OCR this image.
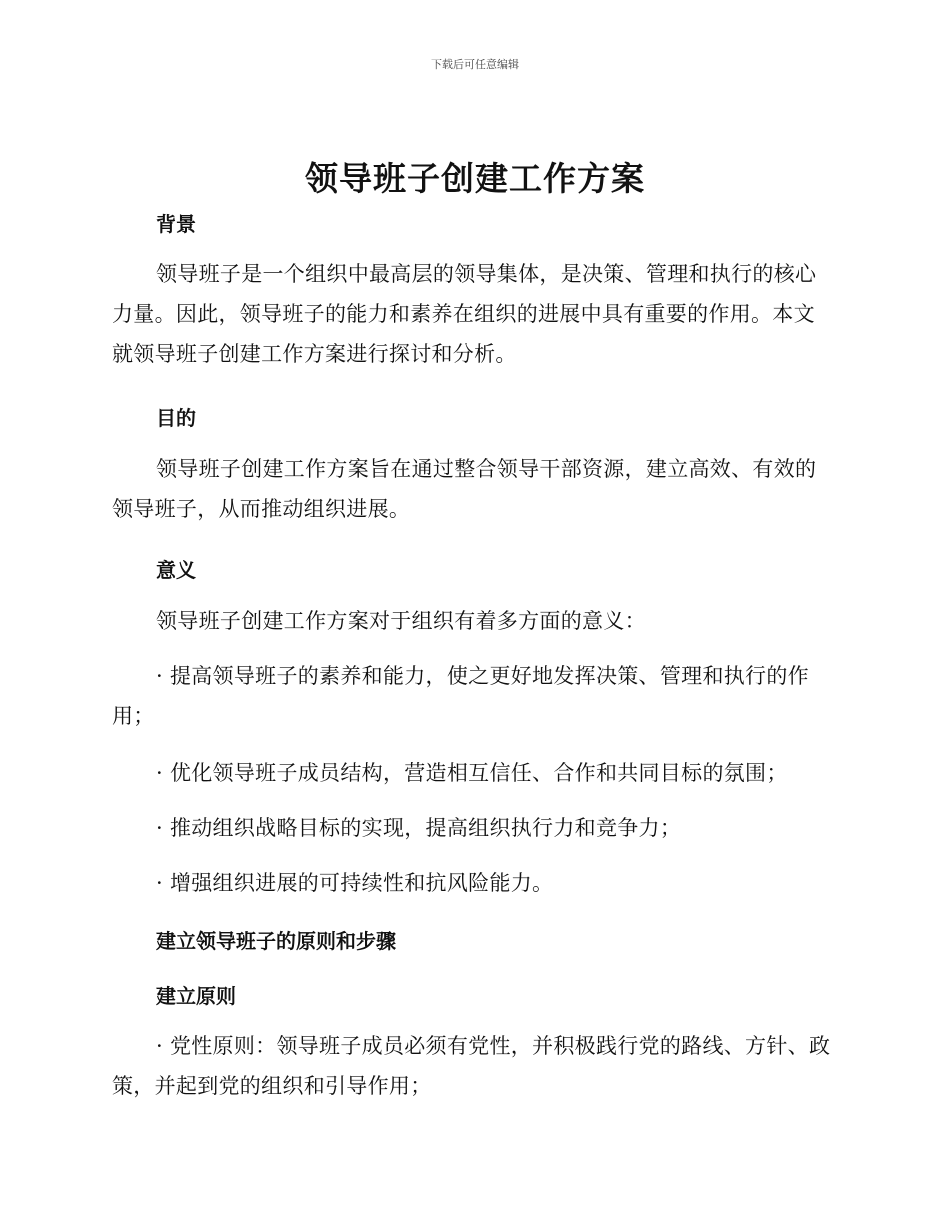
下载后可任意编辑
领导班子创建工作方案
背景
领导班子是一个组织中最高层的领导集体，是决策、管理和执行的核心力量。因此，领导班子的能力和素养在组织的进展中具有重要的作用。本文就领导班子创建工作方案进行探讨和分析。
目的
领导班子创建工作方案旨在通过整合领导干部资源，建立高效、有效的领导班子，从而推动组织进展。
意义
领导班子创建工作方案对于组织有着多方面的意义：
· 提高领导班子的素养和能力，使之更好地发挥决策、管理和执行的作用；
· 优化领导班子成员结构，营造相互信任、合作和共同目标的氛围；
· 推动组织战略目标的实现，提高组织执行力和竞争力；
· 增强组织进展的可持续性和抗风险能力。
建立领导班子的原则和步骤
建立原则
· 党性原则：领导班子成员必须有党性，并积极践行党的路线、方针、政策，并起到党的组织和引导作用；
